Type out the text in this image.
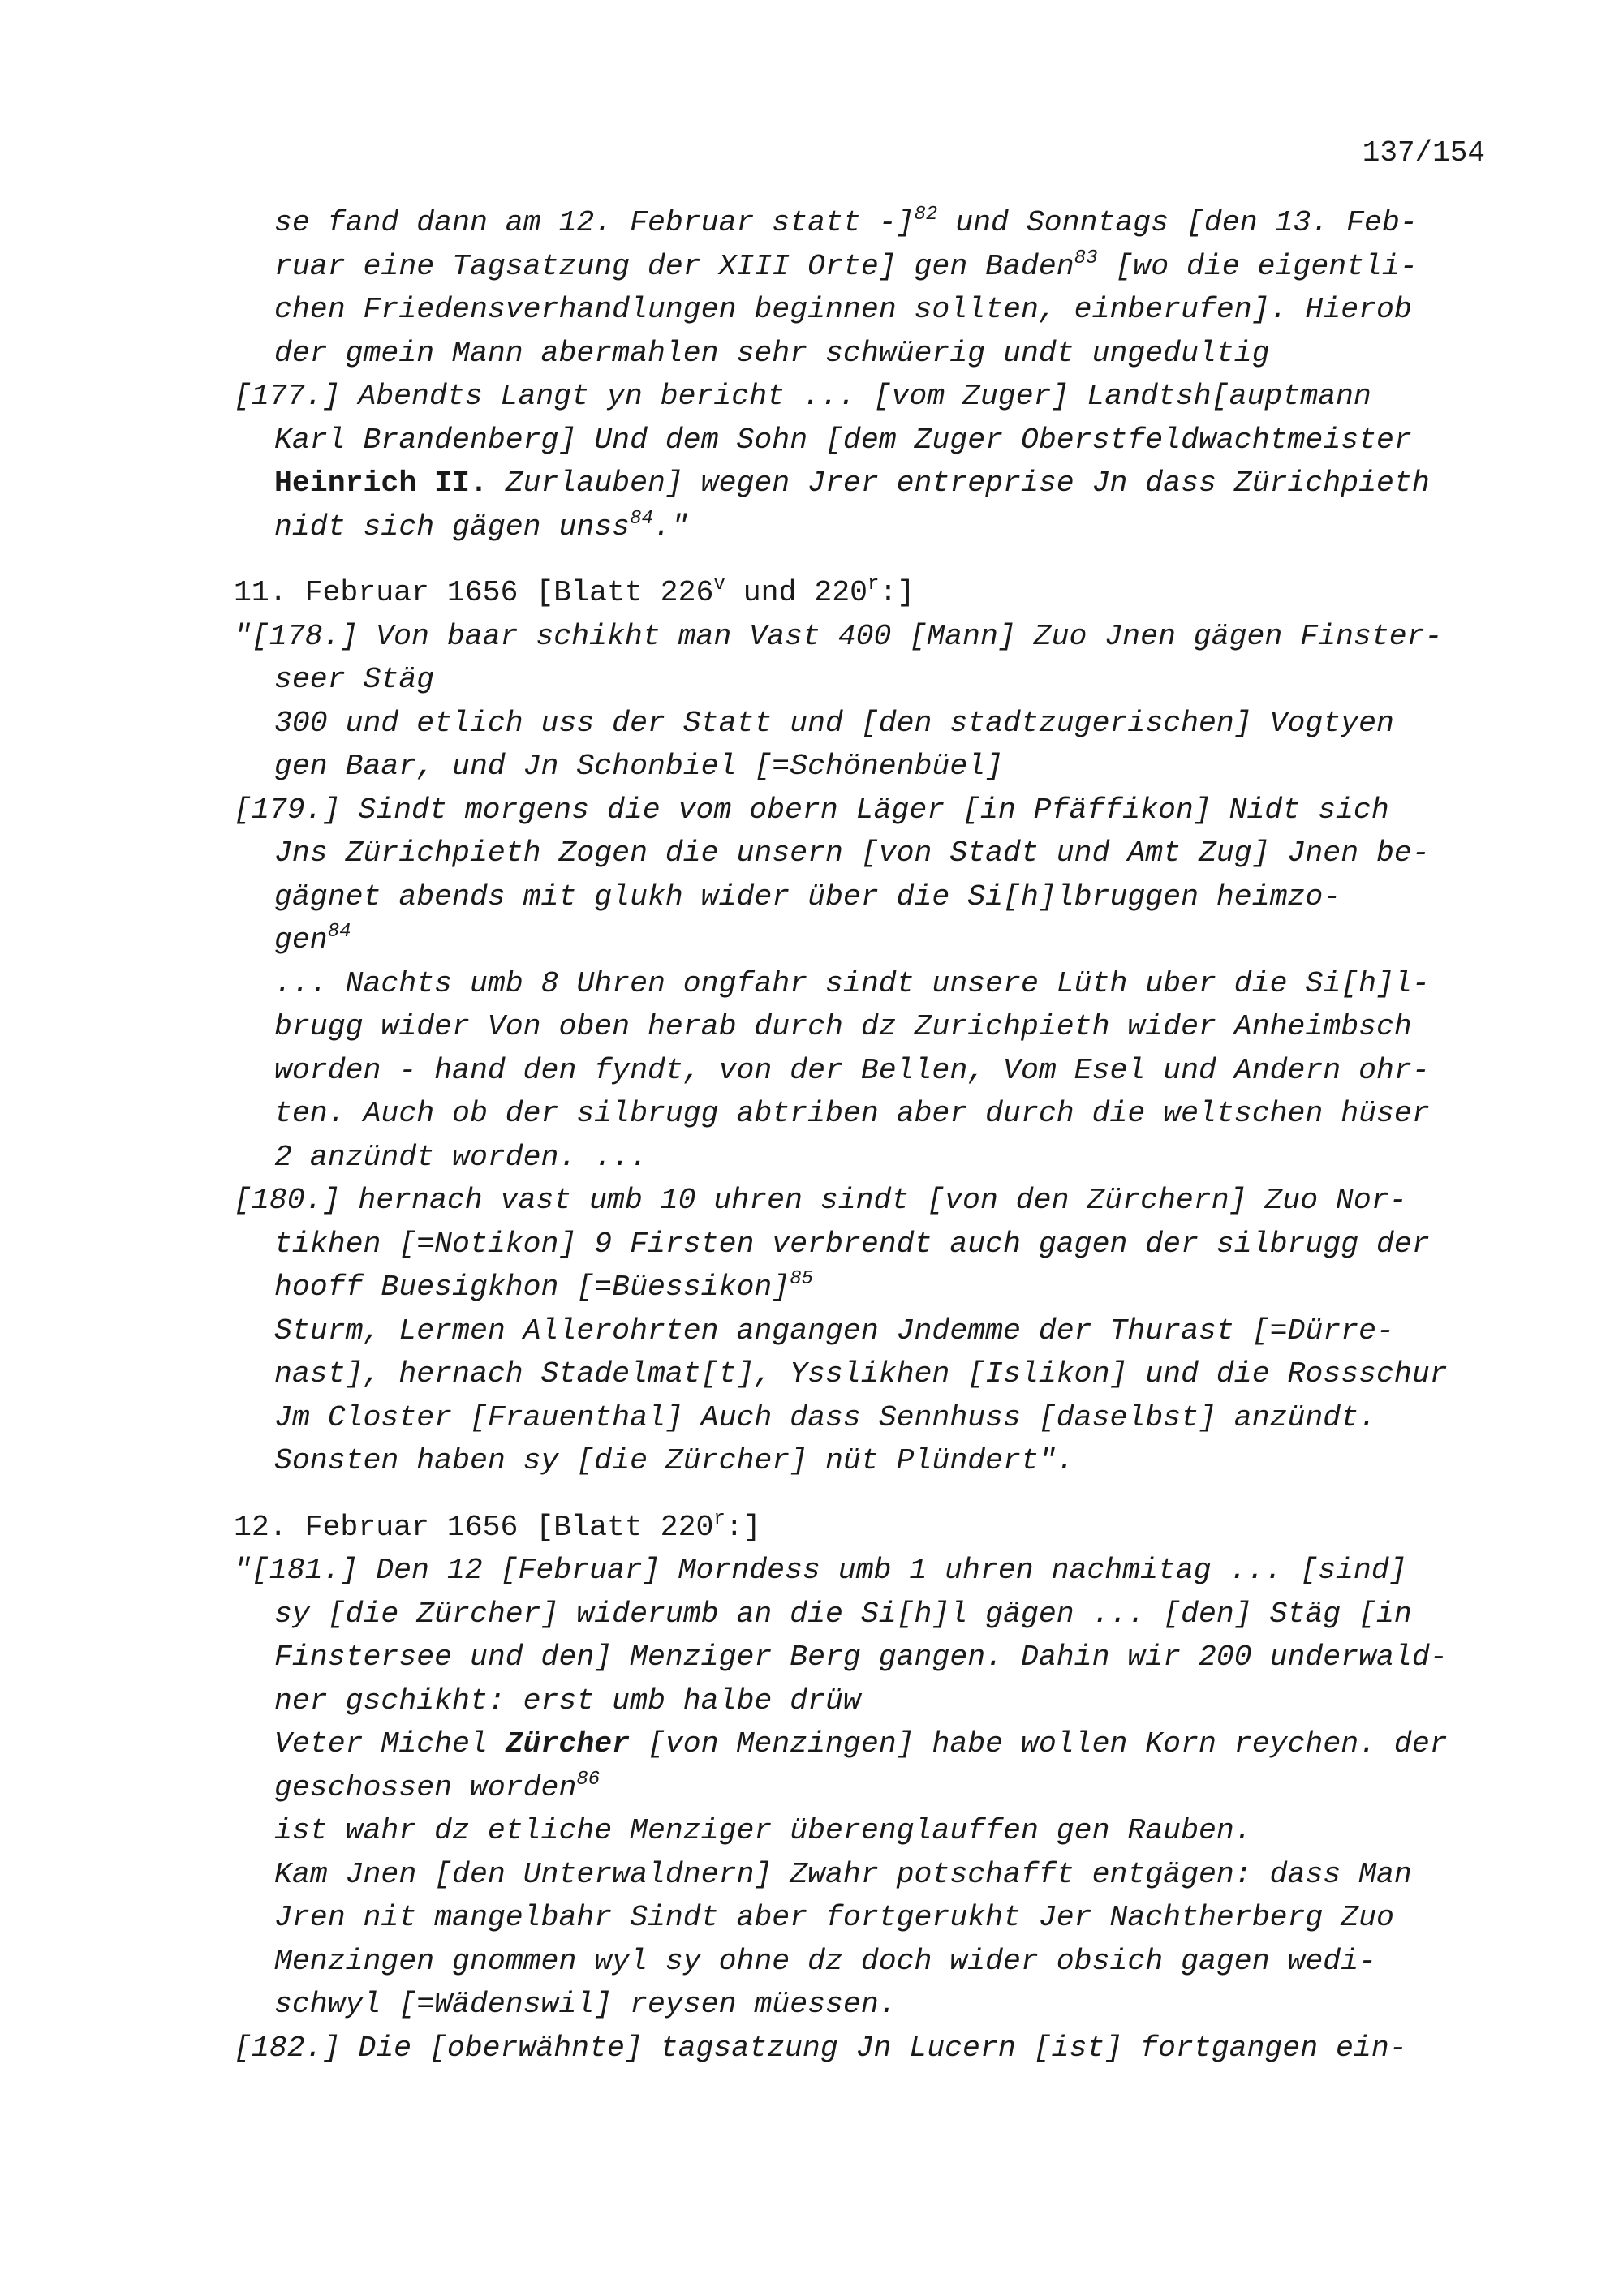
137/154
se fand dann am 12. Februar statt -]$^{82}$ und Sonntags [den 13. Feb-
ruar eine Tagsatzung der XIII Orte] gen Baden$^{83}$ [wo die eigentli-
chen Friedensverhandlungen beginnen sollten, einberufen]. Hierob
der gmein Mann abermahlen sehr schwüerig undt ungedultig
[177.] Abendts Langt yn bericht ... [vom Zuger] Landtsh[auptmann
Karl Brandenberg] Und dem Sohn [dem Zuger Oberstfeldwachtmeister
Heinrich II. Zurlauben] wegen Jrer entreprise Jn dass Zürichpieth
nidt sich gägen unss$^{84}$."
11. Februar 1656 [Blatt 226$^v$ und 220$^r$:]
"[178.] Von baar schikht man Vast 400 [Mann] Zuo Jnen gägen Finster-
seer Stäg
300 und etlich uss der Statt und [den stadtzugerischen] Vogtyen
gen Baar, und Jn Schonbiel [=Schönenbüel]
[179.] Sindt morgens die vom obern Läger [in Pfäffikon] Nidt sich
Jns Zürichpieth Zogen die unsern [von Stadt und Amt Zug] Jnen be-
gägnet abends mit glukh wider über die Si[h]lbruggen heimzo-
gen$^{84}$
... Nachts umb 8 Uhren ongfahr sindt unsere Lüth uber die Si[h]l-
brugg wider Von oben herab durch dz Zurichpieth wider Anheimbsch
worden - hand den fyndt, von der Bellen, Vom Esel und Andern ohr-
ten. Auch ob der silbrugg abtriben aber durch die weltschen hüser
2 anzündt worden. ...
[180.] hernach vast umb 10 uhren sindt [von den Zürchern] Zuo Nor-
tikhen [=Notikon] 9 Firsten verbrendt auch gagen der silbrugg der
hooff Buesigkhon [=Büessikon]$^{85}$
Sturm, Lermen Allerohrten angangen Jndemme der Thurast [=Dürre-
nast], hernach Stadelmat[t], Ysslikhen [Islikon] und die Rossschur
Jm Closter [Frauenthal] Auch dass Sennhuss [daselbst] anzündt.
Sonsten haben sy [die Zürcher] nüt Plündert".
12. Februar 1656 [Blatt 220$^r$:]
"[181.] Den 12 [Februar] Morndess umb 1 uhren nachmitag ... [sind]
sy [die Zürcher] widerumb an die Si[h]l gägen ... [den] Stäg [in
Finstersee und den] Menziger Berg gangen. Dahin wir 200 underwald-
ner gschikht: erst umb halbe drüw
Veter Michel Zürcher [von Menzingen] habe wollen Korn reychen. der
geschossen worden$^{86}$
ist wahr dz etliche Menziger überenglauffen gen Rauben.
Kam Jnen [den Unterwaldnern] Zwahr potschafft entgägen: dass Man
Jren nit mangelbahr Sindt aber fortgerukht Jer Nachtherberg Zuo
Menzingen gnommen wyl sy ohne dz doch wider obsich gagen wedi-
schwyl [=Wädenswil] reysen müessen.
[182.] Die [oberwähnte] tagsatzung Jn Lucern [ist] fortgangen ein-
